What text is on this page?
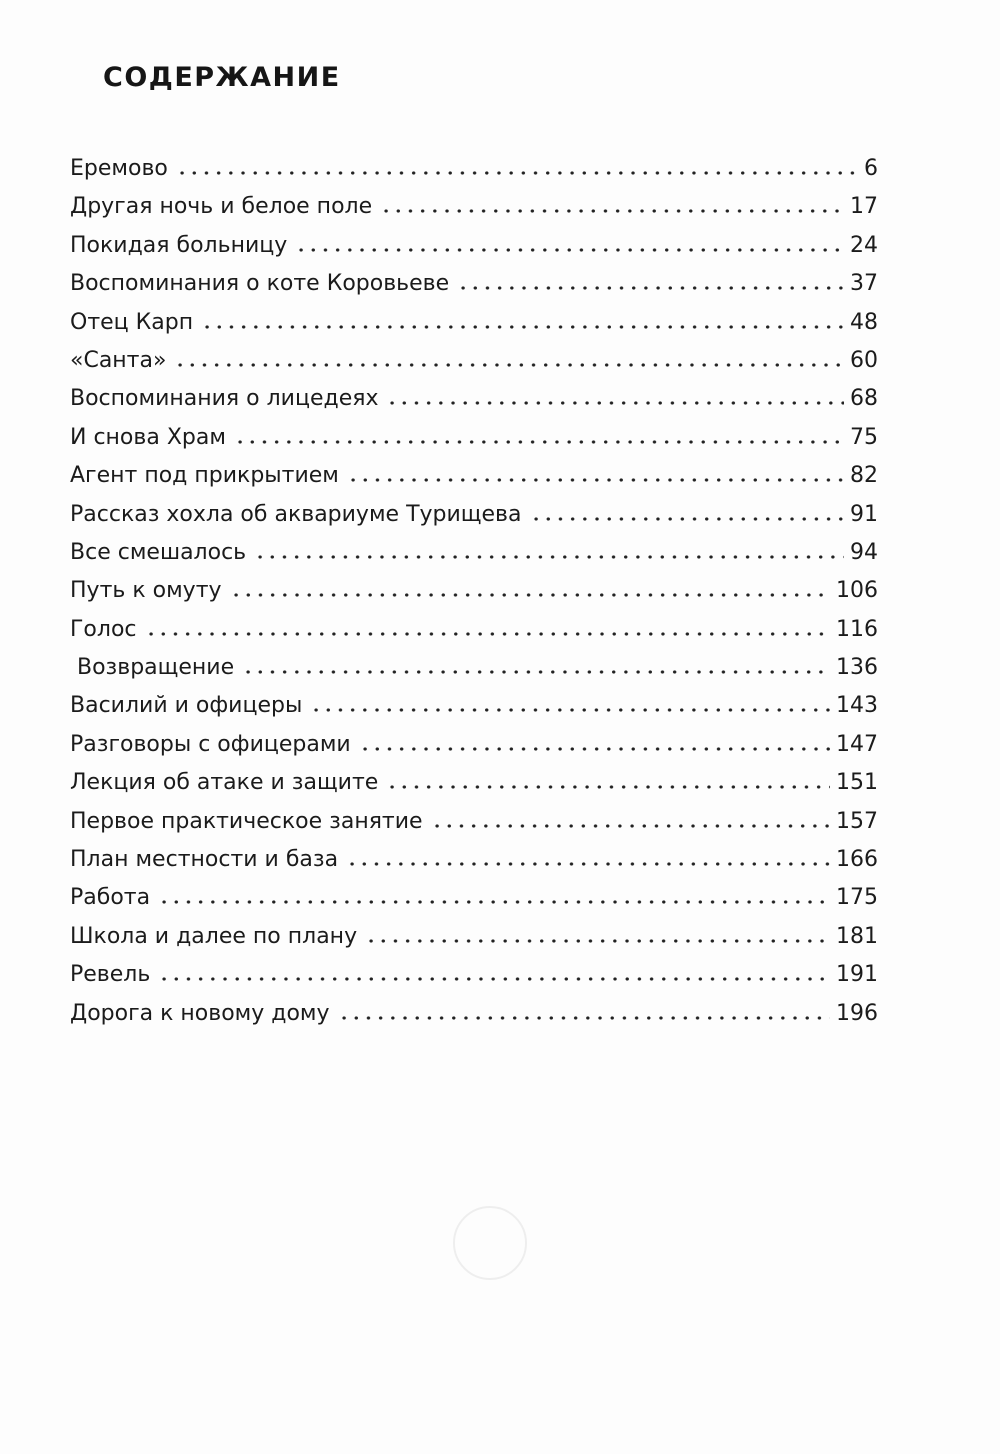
СОДЕРЖАНИЕ
Еремово	6
Другая ночь и белое поле	17
Покидая больницу	24
Воспоминания о коте Коровьеве	37
Отец Карп	48
«Санта»	60
Воспоминания о лицедеях	68
И снова Храм	75
Агент под прикрытием	82
Рассказ хохла об аквариуме Турищева	91
Все смешалось	94
Путь к омуту	106
Голос	116
Возвращение	136
Василий и офицеры	143
Разговоры с офицерами	147
Лекция об атаке и защите	151
Первое практическое занятие	157
План местности и база	166
Работа	175
Школа и далее по плану	181
Ревель	191
Дорога к новому дому	196
